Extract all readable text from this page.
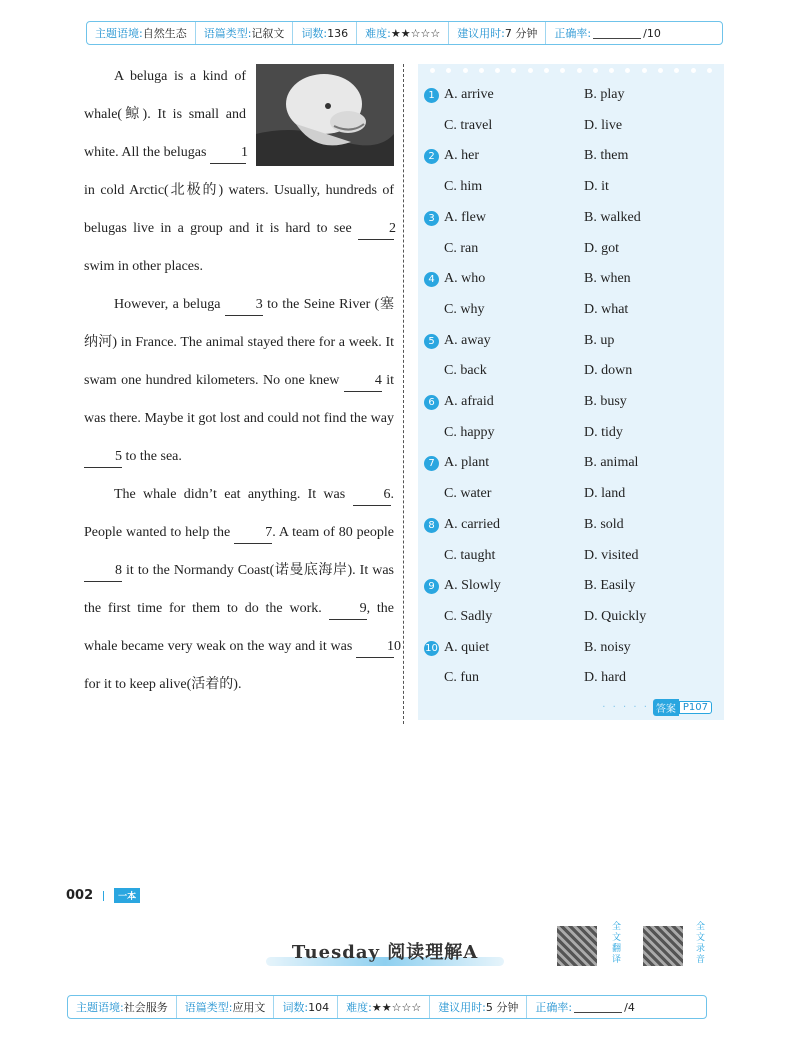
主题语境: 自然生态 语篇类型: 记叙文 词数: 136 难度: ★★☆☆☆ 建议用时: 7 分钟 正确率:	/10

A beluga is a kind of whale(鲸). It is small and white. All the belugas 1 in cold Arctic(北极的) waters. Usually, hundreds of belugas live in a group and it is hard to see	2 swim in other places.

However, a beluga	3 to the Seine River (塞纳河) in France. The animal stayed there for a week. It swam one hundred kilometers. No one knew	4 it was there. Maybe it got lost and could not find the way 5 to the sea.

The whale didn’t eat anything. It was	6. People wanted to help the 7. A team of 80 people 8 it to the Normandy Coast(诺曼底海岸). It was the first time for them to do the work.	9, the whale became very weak on the way and it was 10 for it to keep alive(活着的).

1 A. arrive	B. play
C. travel	D. live
2 A. her	B. them
C. him	D. it
3 A. flew	B. walked
C. ran	D. got
4 A. who	B. when
C. why	D. what
5 A. away	B. up
C. back	D. down
6 A. afraid	B. busy
C. happy	D. tidy
7 A. plant	B. animal
C. water	D. land
8 A. carried	B. sold
C. taught	D. visited
9 A. Slowly	B. Easily
C. Sadly	D. Quickly
10 A. quiet	B. noisy
C. fun	D. hard
· · · · · 答案 P107
002	一本
Tuesday 阅读理解A
全文翻译
全文录音
主题语境: 社会服务 语篇类型: 应用文 词数: 104 难度: ★★☆☆☆ 建议用时: 5 分钟 正确率:	/4
